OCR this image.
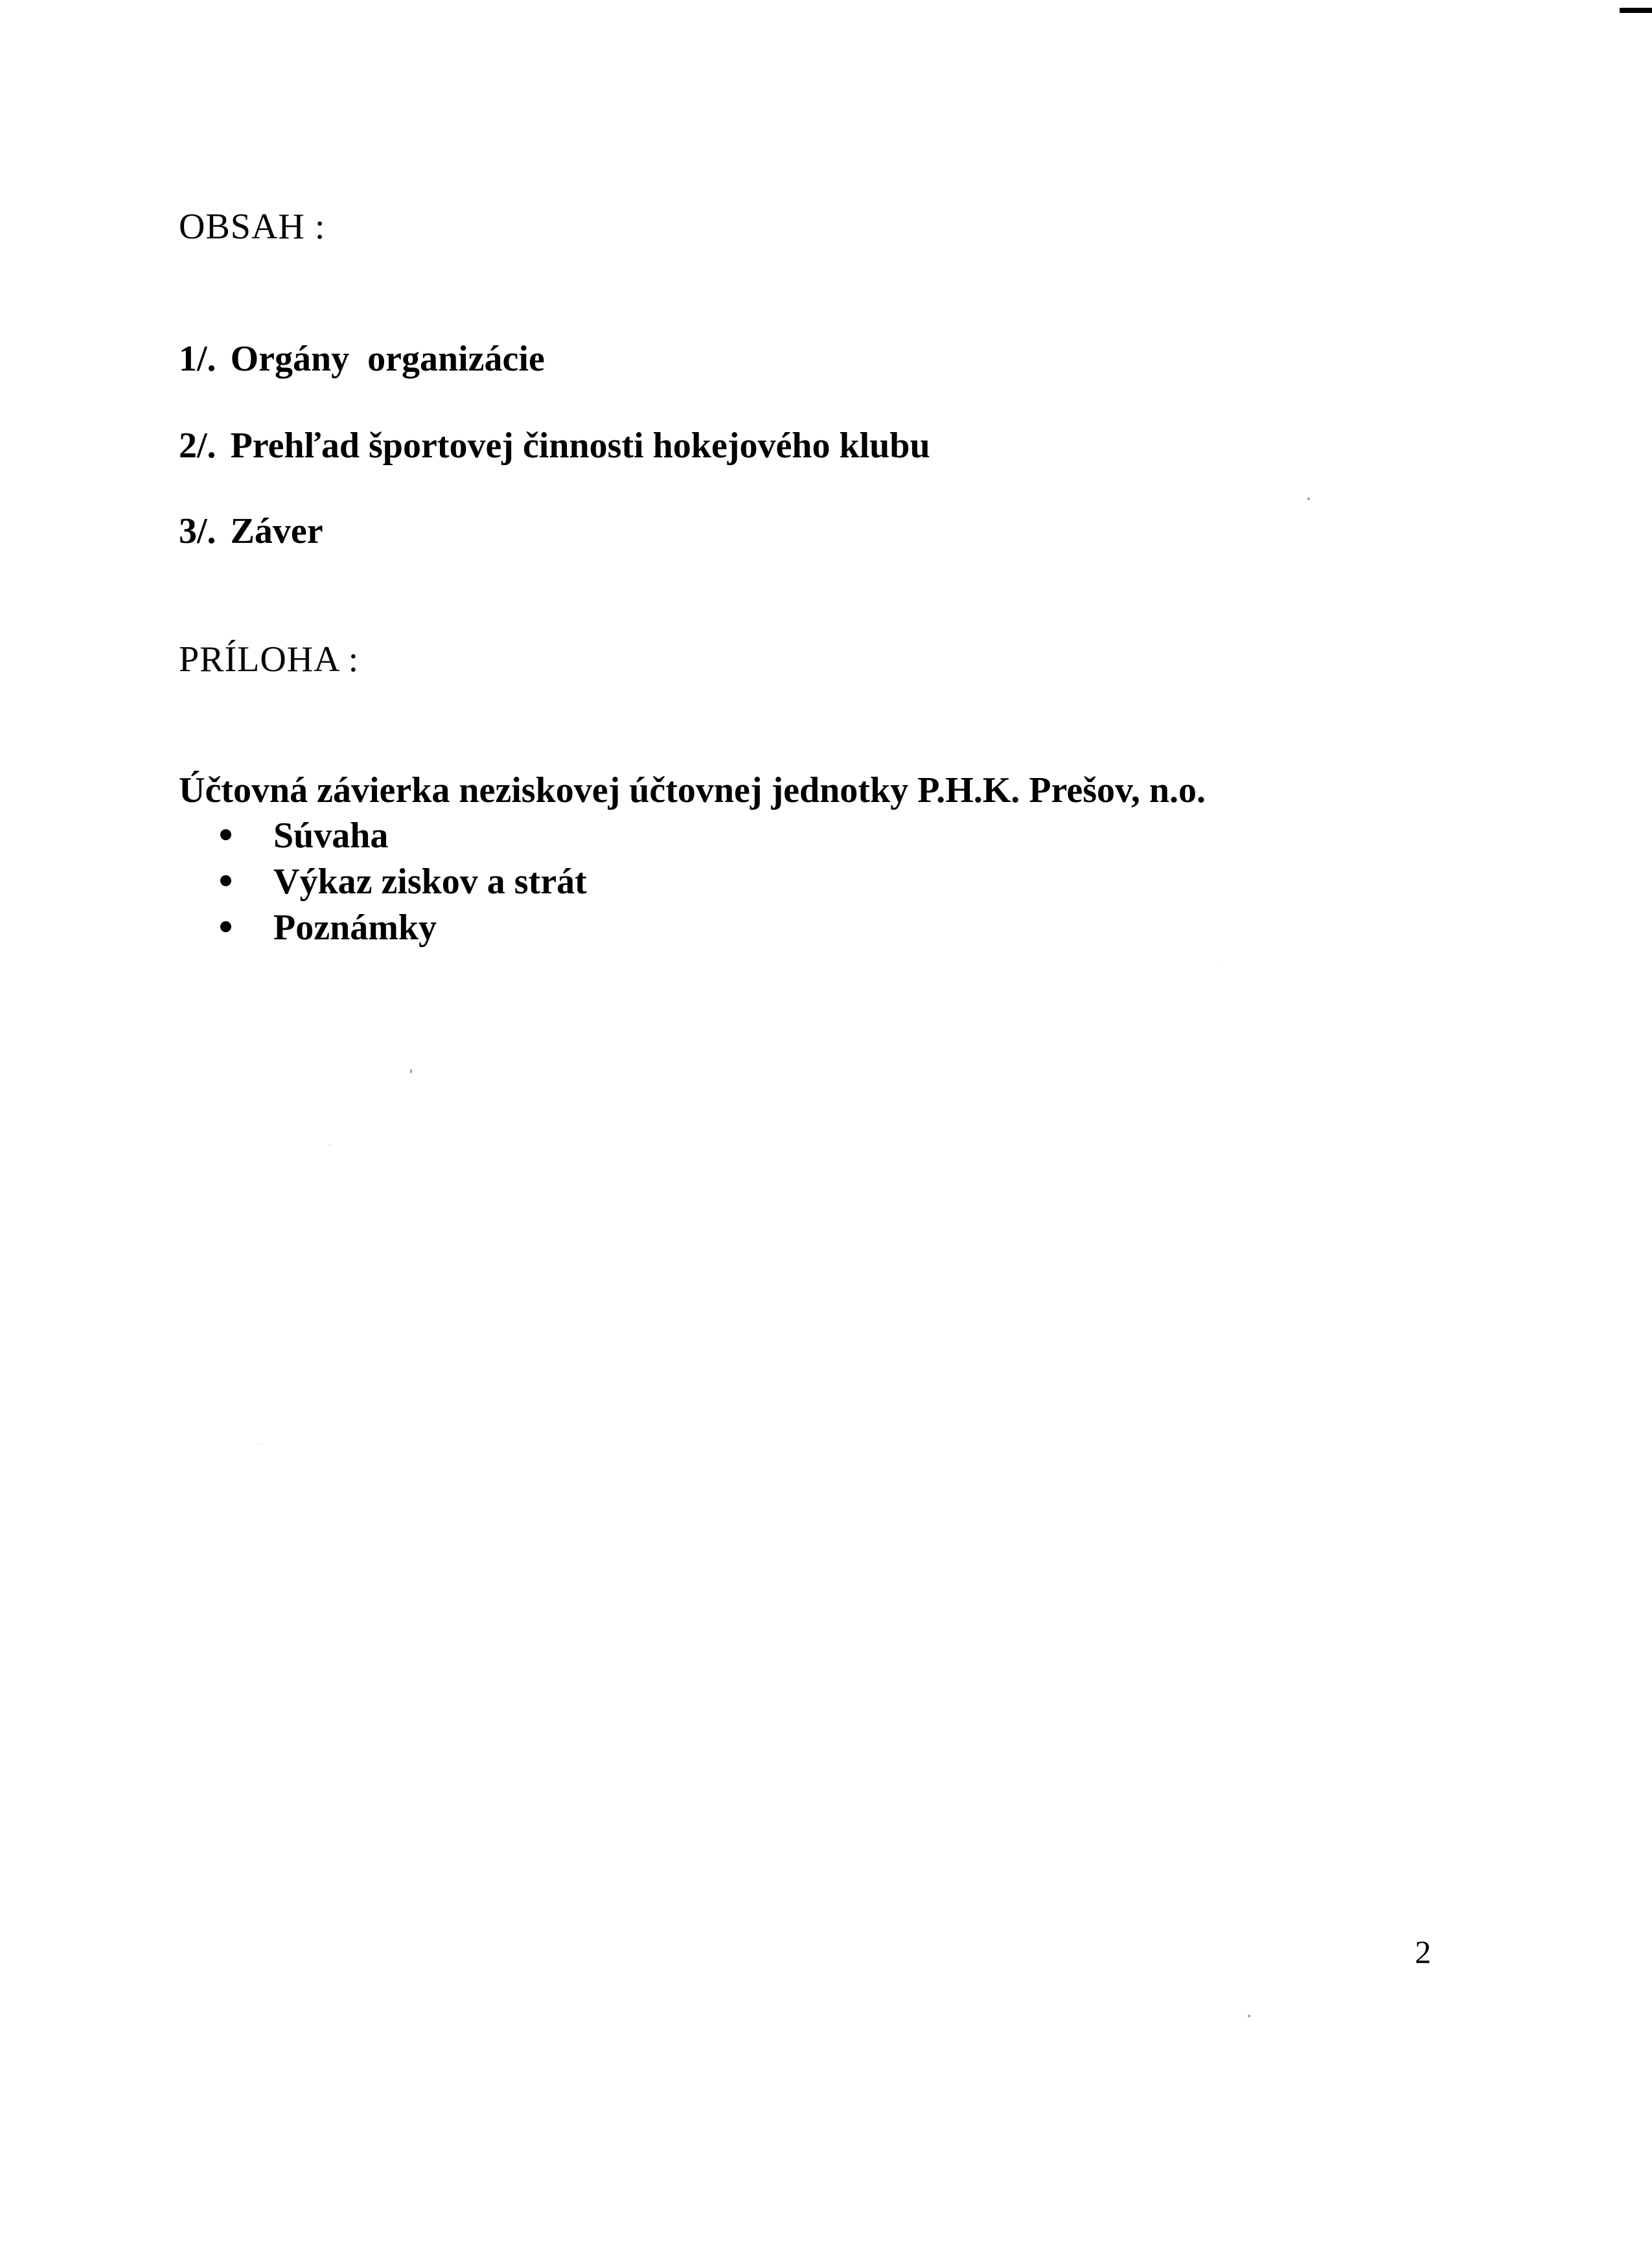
OBSAH :
1/. Orgány  organizácie
2/. Prehľad športovej činnosti hokejového klubu
3/. Záver
PRÍLOHA :
Účtovná závierka neziskovej účtovnej jednotky P.H.K. Prešov, n.o.
Súvaha
Výkaz ziskov a strát
Poznámky
2
